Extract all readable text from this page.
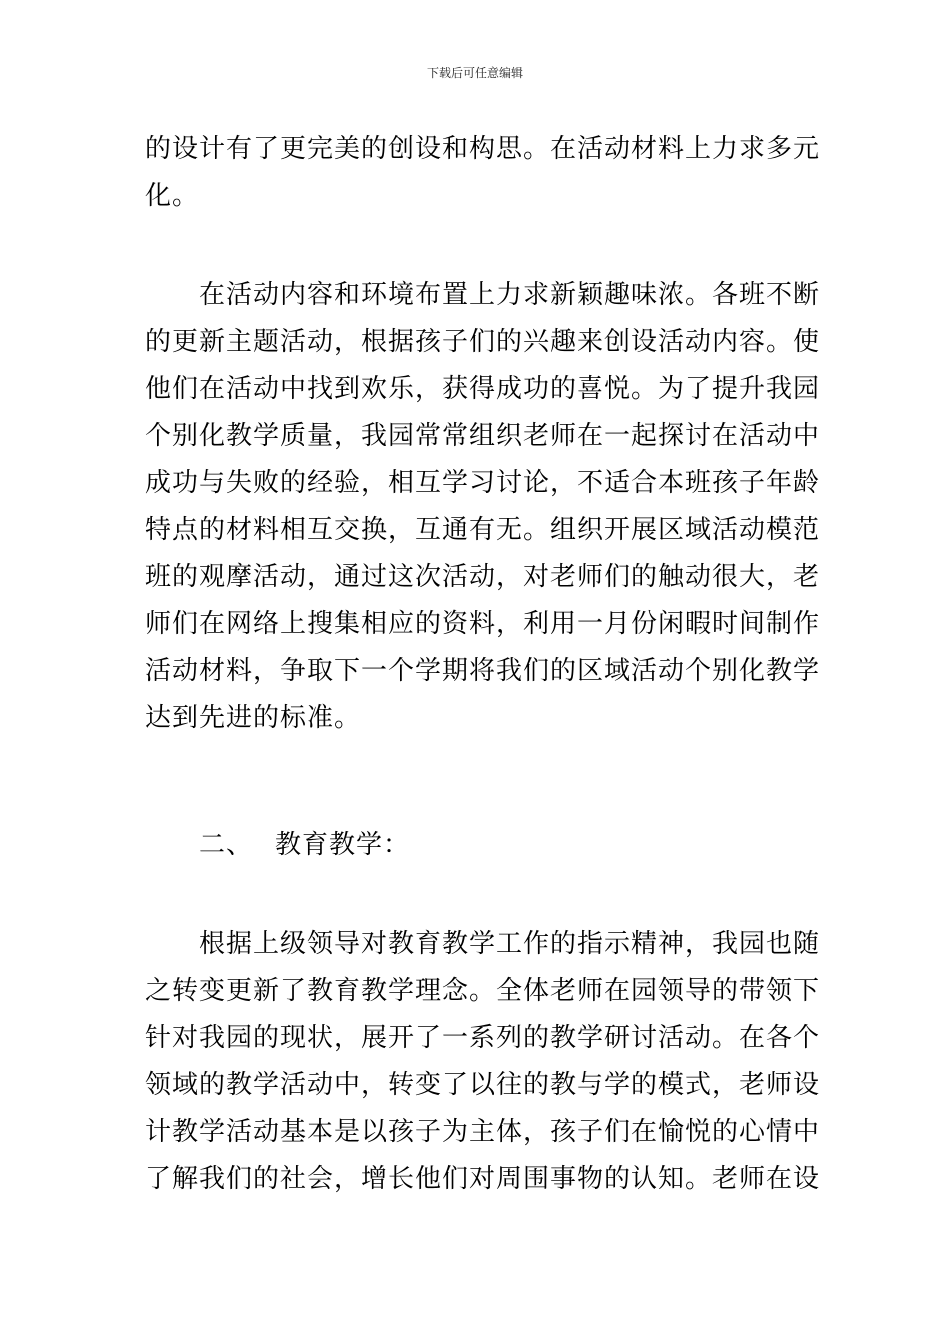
下载后可任意编辑
的设计有了更完美的创设和构思。在活动材料上力求多元
化。
在活动内容和环境布置上力求新颖趣味浓。各班不断
的更新主题活动，根据孩子们的兴趣来创设活动内容。使
他们在活动中找到欢乐，获得成功的喜悦。为了提升我园
个别化教学质量，我园常常组织老师在一起探讨在活动中
成功与失败的经验，相互学习讨论，不适合本班孩子年龄
特点的材料相互交换，互通有无。组织开展区域活动模范
班的观摩活动，通过这次活动，对老师们的触动很大，老
师们在网络上搜集相应的资料，利用一月份闲暇时间制作
活动材料，争取下一个学期将我们的区域活动个别化教学
达到先进的标准。
二、 教育教学：
根据上级领导对教育教学工作的指示精神，我园也随
之转变更新了教育教学理念。全体老师在园领导的带领下
针对我园的现状，展开了一系列的教学研讨活动。在各个
领域的教学活动中，转变了以往的教与学的模式，老师设
计教学活动基本是以孩子为主体，孩子们在愉悦的心情中
了解我们的社会，增长他们对周围事物的认知。老师在设
